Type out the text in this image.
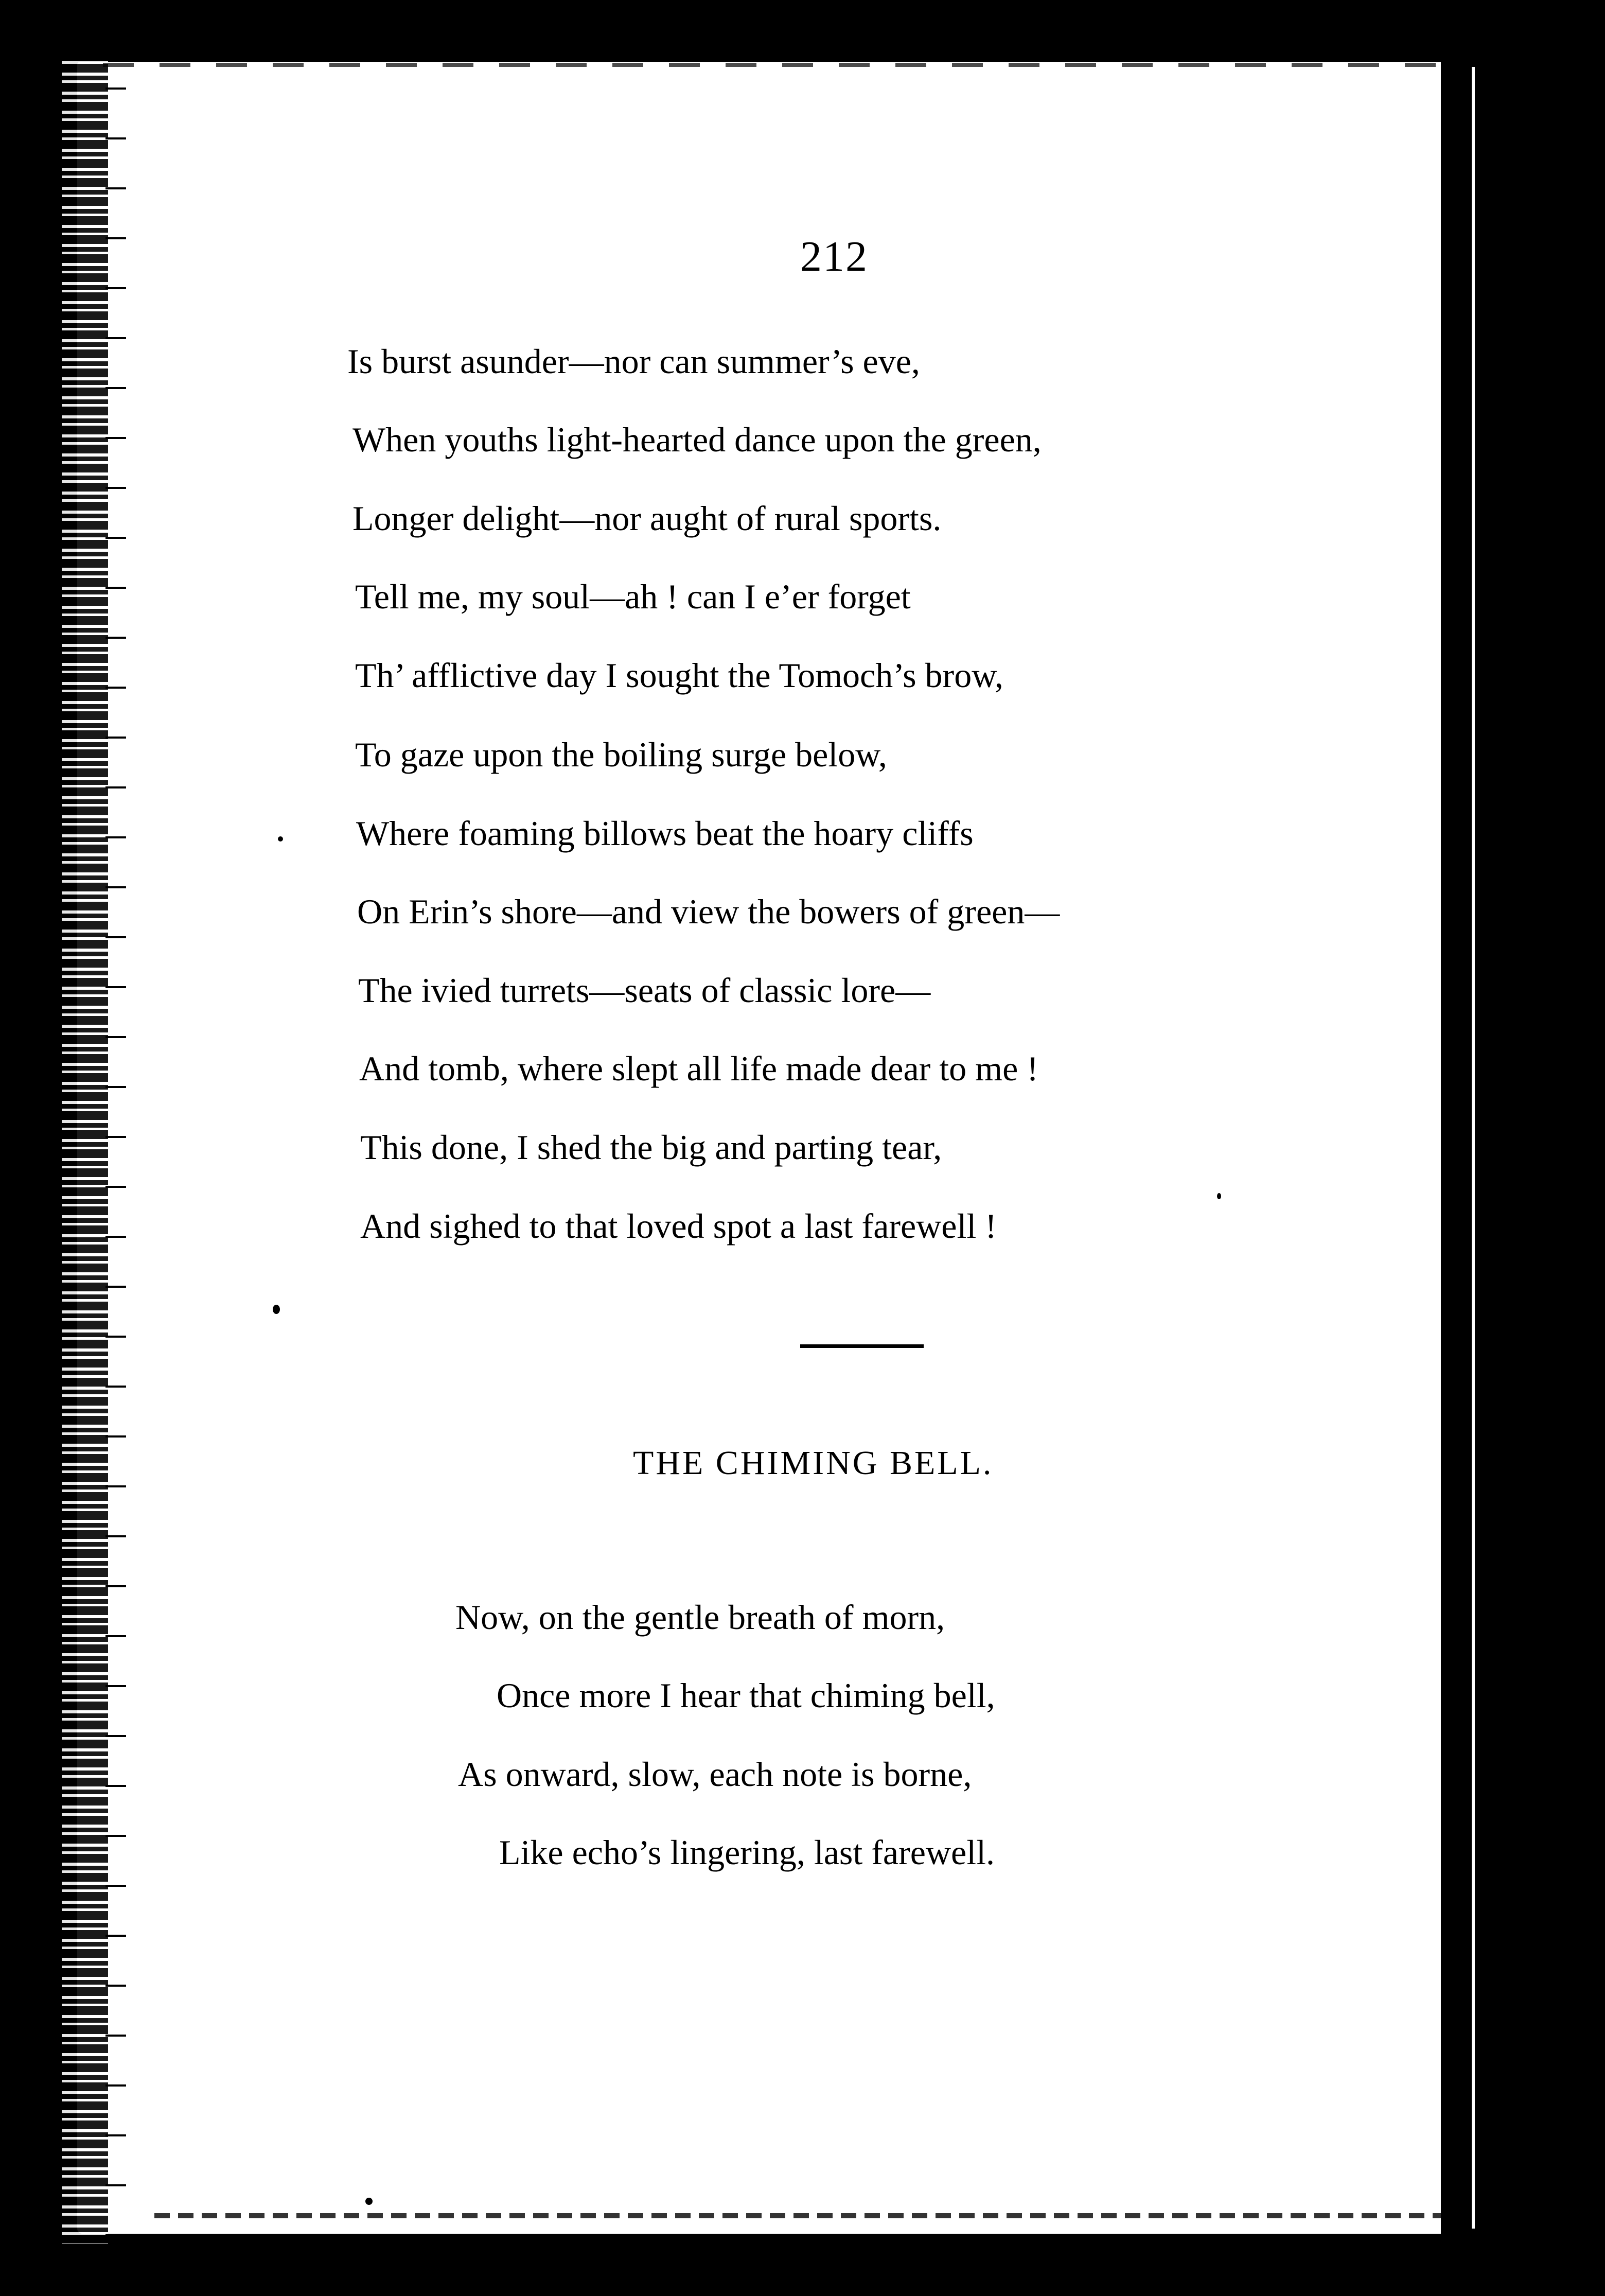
212
Is burst asunder—nor can summer’s eve,
When youths light-hearted dance upon the green,
Longer delight—nor aught of rural sports.
Tell me, my soul—ah ! can I e’er forget
Th’ afflictive day I sought the Tomoch’s brow,
To gaze upon the boiling surge below,
Where foaming billows beat the hoary cliffs
On Erin’s shore—and view the bowers of green—
The ivied turrets—seats of classic lore—
And tomb, where slept all life made dear to me !
This done, I shed the big and parting tear,
And sighed to that loved spot a last farewell !
THE CHIMING BELL.
Now, on the gentle breath of morn,
Once more I hear that chiming bell,
As onward, slow, each note is borne,
Like echo’s lingering, last farewell.
